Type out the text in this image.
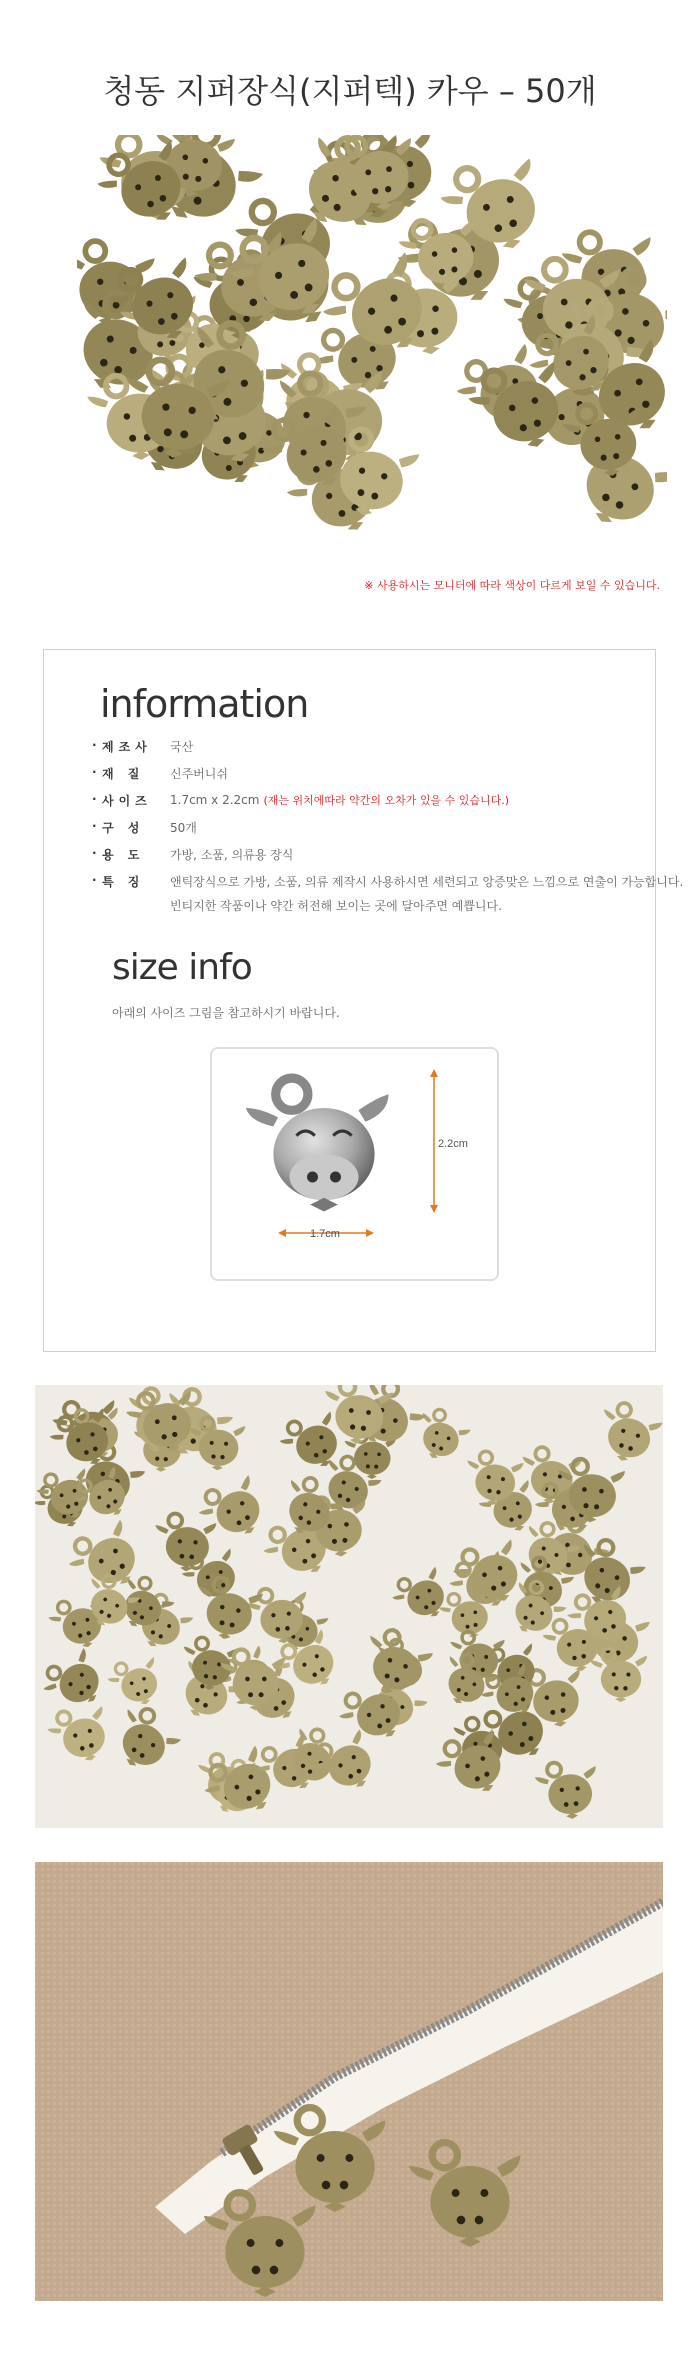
청동 지퍼장식(지퍼텍) 카우 – 50개
※ 사용하시는 모니터에 따라 색상이 다르게 보일 수 있습니다.
information
· 제조사	국산
· 재 질	신주버니쉬
· 사이즈	1.7cm x 2.2cm (재는 위치에따라 약간의 오차가 있을 수 있습니다.)
· 구 성	50개
· 용 도	가방, 소품, 의류용 장식
· 특 징	앤틱장식으로 가방, 소품, 의류 제작시 사용하시면 세련되고 앙증맞은 느낌으로 연출이 가능합니다.
빈티지한 작품이나 약간 허전해 보이는 곳에 달아주면 예쁩니다.
size info
아래의 사이즈 그림을 참고하시기 바랍니다.
2.2cm
1.7cm
